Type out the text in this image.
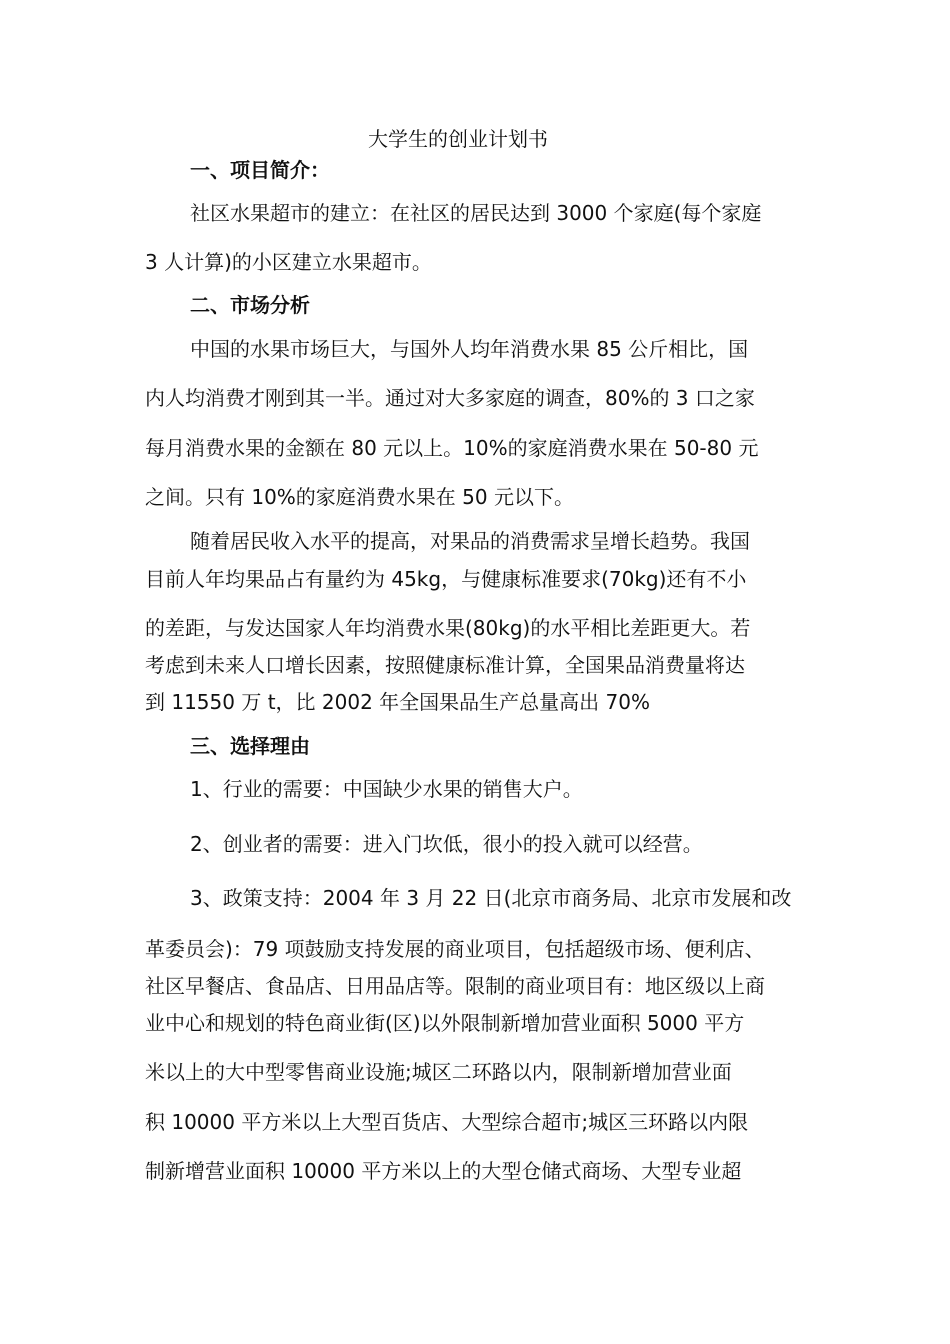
大学生的创业计划书
一、项目简介：
社区水果超市的建立：在社区的居民达到 3000 个家庭(每个家庭
3 人计算)的小区建立水果超市。
二、市场分析
中国的水果市场巨大，与国外人均年消费水果 85 公斤相比，国
内人均消费才刚到其一半。通过对大多家庭的调查，80%的 3 口之家
每月消费水果的金额在 80 元以上。10%的家庭消费水果在 50-80 元
之间。只有 10%的家庭消费水果在 50 元以下。
随着居民收入水平的提高，对果品的消费需求呈增长趋势。我国
目前人年均果品占有量约为 45kg，与健康标准要求(70kg)还有不小
的差距，与发达国家人年均消费水果(80kg)的水平相比差距更大。若
考虑到未来人口增长因素，按照健康标准计算，全国果品消费量将达
到 11550 万 t，比 2002 年全国果品生产总量高出 70%
三、选择理由
1、行业的需要：中国缺少水果的销售大户。
2、创业者的需要：进入门坎低，很小的投入就可以经营。
3、政策支持：2004 年 3 月 22 日(北京市商务局、北京市发展和改
革委员会)：79 项鼓励支持发展的商业项目，包括超级市场、便利店、
社区早餐店、食品店、日用品店等。限制的商业项目有：地区级以上商
业中心和规划的特色商业街(区)以外限制新增加营业面积 5000 平方
米以上的大中型零售商业设施;城区二环路以内，限制新增加营业面
积 10000 平方米以上大型百货店、大型综合超市;城区三环路以内限
制新增营业面积 10000 平方米以上的大型仓储式商场、大型专业超
